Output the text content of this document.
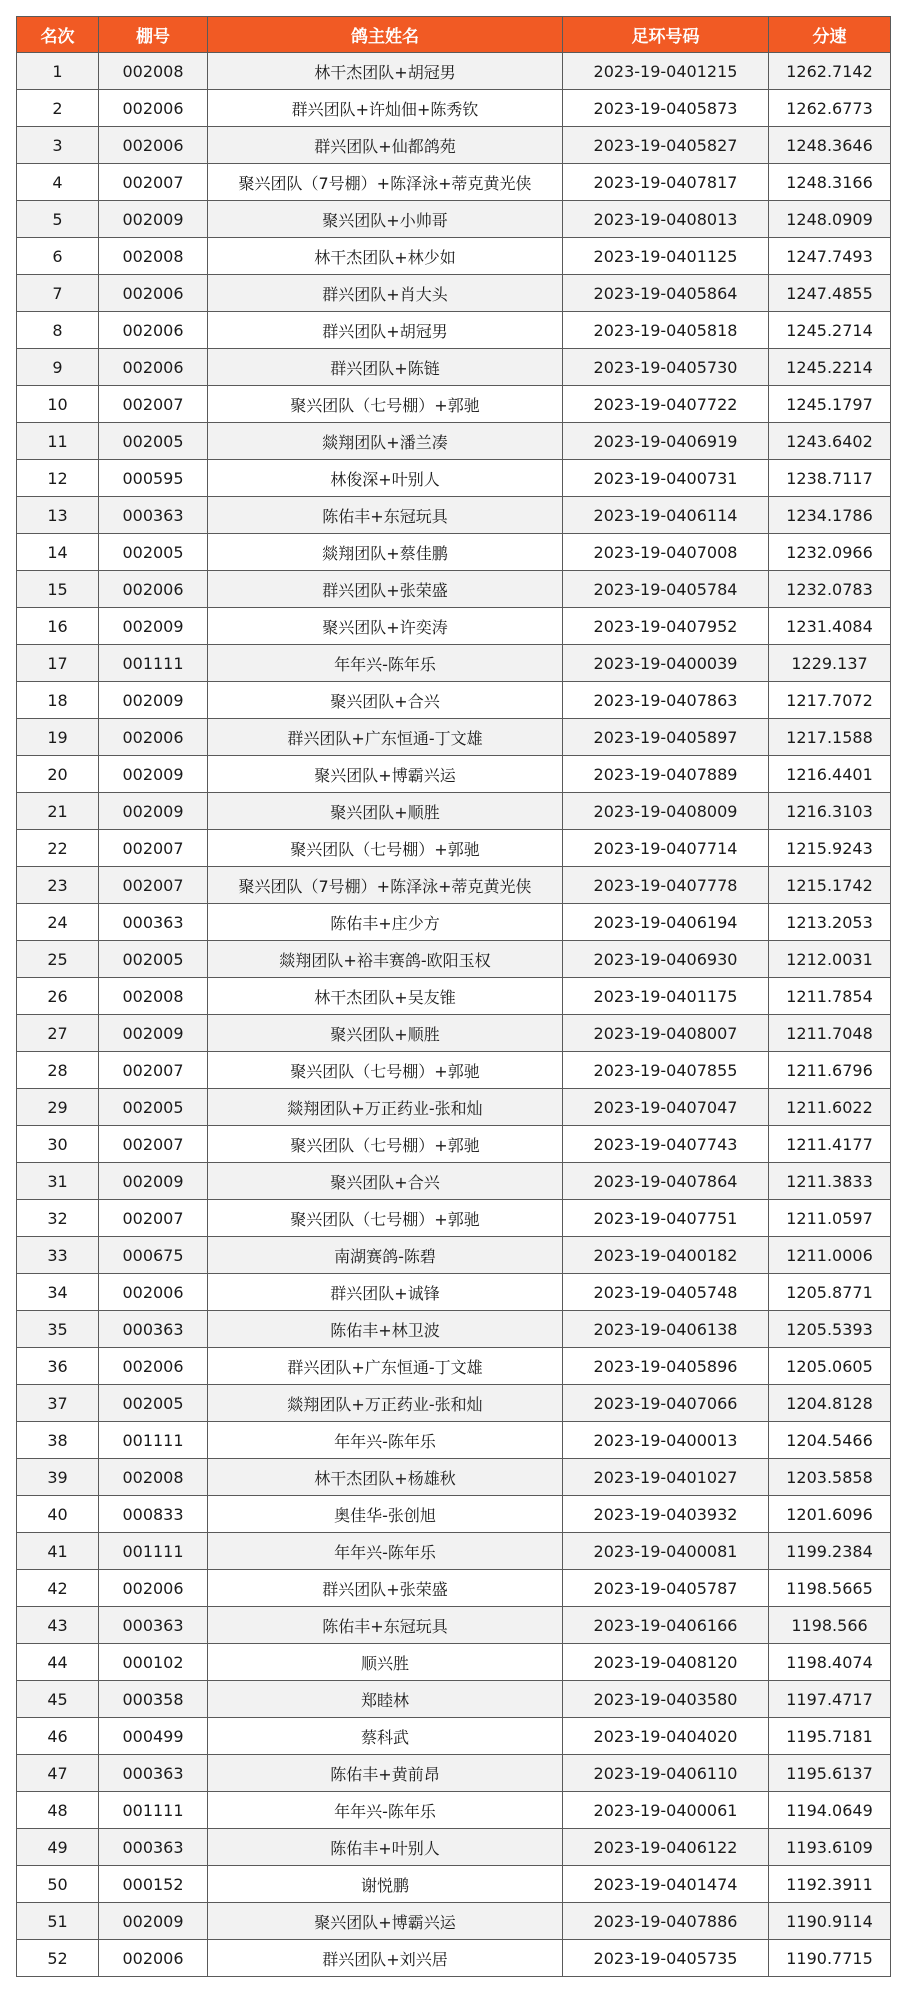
名次	棚号	鸽主姓名	足环号码	分速
1	002008	林干杰团队+胡冠男	2023-19-0401215	1262.7142
2	002006	群兴团队+许灿佃+陈秀钦	2023-19-0405873	1262.6773
3	002006	群兴团队+仙都鸽苑	2023-19-0405827	1248.3646
4	002007	聚兴团队（7号棚）+陈泽泳+蒂克黄光侠	2023-19-0407817	1248.3166
5	002009	聚兴团队+小帅哥	2023-19-0408013	1248.0909
6	002008	林干杰团队+林少如	2023-19-0401125	1247.7493
7	002006	群兴团队+肖大头	2023-19-0405864	1247.4855
8	002006	群兴团队+胡冠男	2023-19-0405818	1245.2714
9	002006	群兴团队+陈链	2023-19-0405730	1245.2214
10	002007	聚兴团队（七号棚）+郭驰	2023-19-0407722	1245.1797
11	002005	燚翔团队+潘兰凑	2023-19-0406919	1243.6402
12	000595	林俊深+叶别人	2023-19-0400731	1238.7117
13	000363	陈佑丰+东冠玩具	2023-19-0406114	1234.1786
14	002005	燚翔团队+蔡佳鹏	2023-19-0407008	1232.0966
15	002006	群兴团队+张荣盛	2023-19-0405784	1232.0783
16	002009	聚兴团队+许奕涛	2023-19-0407952	1231.4084
17	001111	年年兴-陈年乐	2023-19-0400039	1229.137
18	002009	聚兴团队+合兴	2023-19-0407863	1217.7072
19	002006	群兴团队+广东恒通-丁文雄	2023-19-0405897	1217.1588
20	002009	聚兴团队+博霸兴运	2023-19-0407889	1216.4401
21	002009	聚兴团队+顺胜	2023-19-0408009	1216.3103
22	002007	聚兴团队（七号棚）+郭驰	2023-19-0407714	1215.9243
23	002007	聚兴团队（7号棚）+陈泽泳+蒂克黄光侠	2023-19-0407778	1215.1742
24	000363	陈佑丰+庄少方	2023-19-0406194	1213.2053
25	002005	燚翔团队+裕丰赛鸽-欧阳玉权	2023-19-0406930	1212.0031
26	002008	林干杰团队+吴友锥	2023-19-0401175	1211.7854
27	002009	聚兴团队+顺胜	2023-19-0408007	1211.7048
28	002007	聚兴团队（七号棚）+郭驰	2023-19-0407855	1211.6796
29	002005	燚翔团队+万正药业-张和灿	2023-19-0407047	1211.6022
30	002007	聚兴团队（七号棚）+郭驰	2023-19-0407743	1211.4177
31	002009	聚兴团队+合兴	2023-19-0407864	1211.3833
32	002007	聚兴团队（七号棚）+郭驰	2023-19-0407751	1211.0597
33	000675	南湖赛鸽-陈碧	2023-19-0400182	1211.0006
34	002006	群兴团队+诚锋	2023-19-0405748	1205.8771
35	000363	陈佑丰+林卫波	2023-19-0406138	1205.5393
36	002006	群兴团队+广东恒通-丁文雄	2023-19-0405896	1205.0605
37	002005	燚翔团队+万正药业-张和灿	2023-19-0407066	1204.8128
38	001111	年年兴-陈年乐	2023-19-0400013	1204.5466
39	002008	林干杰团队+杨雄秋	2023-19-0401027	1203.5858
40	000833	奥佳华-张创旭	2023-19-0403932	1201.6096
41	001111	年年兴-陈年乐	2023-19-0400081	1199.2384
42	002006	群兴团队+张荣盛	2023-19-0405787	1198.5665
43	000363	陈佑丰+东冠玩具	2023-19-0406166	1198.566
44	000102	顺兴胜	2023-19-0408120	1198.4074
45	000358	郑睦林	2023-19-0403580	1197.4717
46	000499	蔡科武	2023-19-0404020	1195.7181
47	000363	陈佑丰+黄前昂	2023-19-0406110	1195.6137
48	001111	年年兴-陈年乐	2023-19-0400061	1194.0649
49	000363	陈佑丰+叶别人	2023-19-0406122	1193.6109
50	000152	谢悦鹏	2023-19-0401474	1192.3911
51	002009	聚兴团队+博霸兴运	2023-19-0407886	1190.9114
52	002006	群兴团队+刘兴居	2023-19-0405735	1190.7715
